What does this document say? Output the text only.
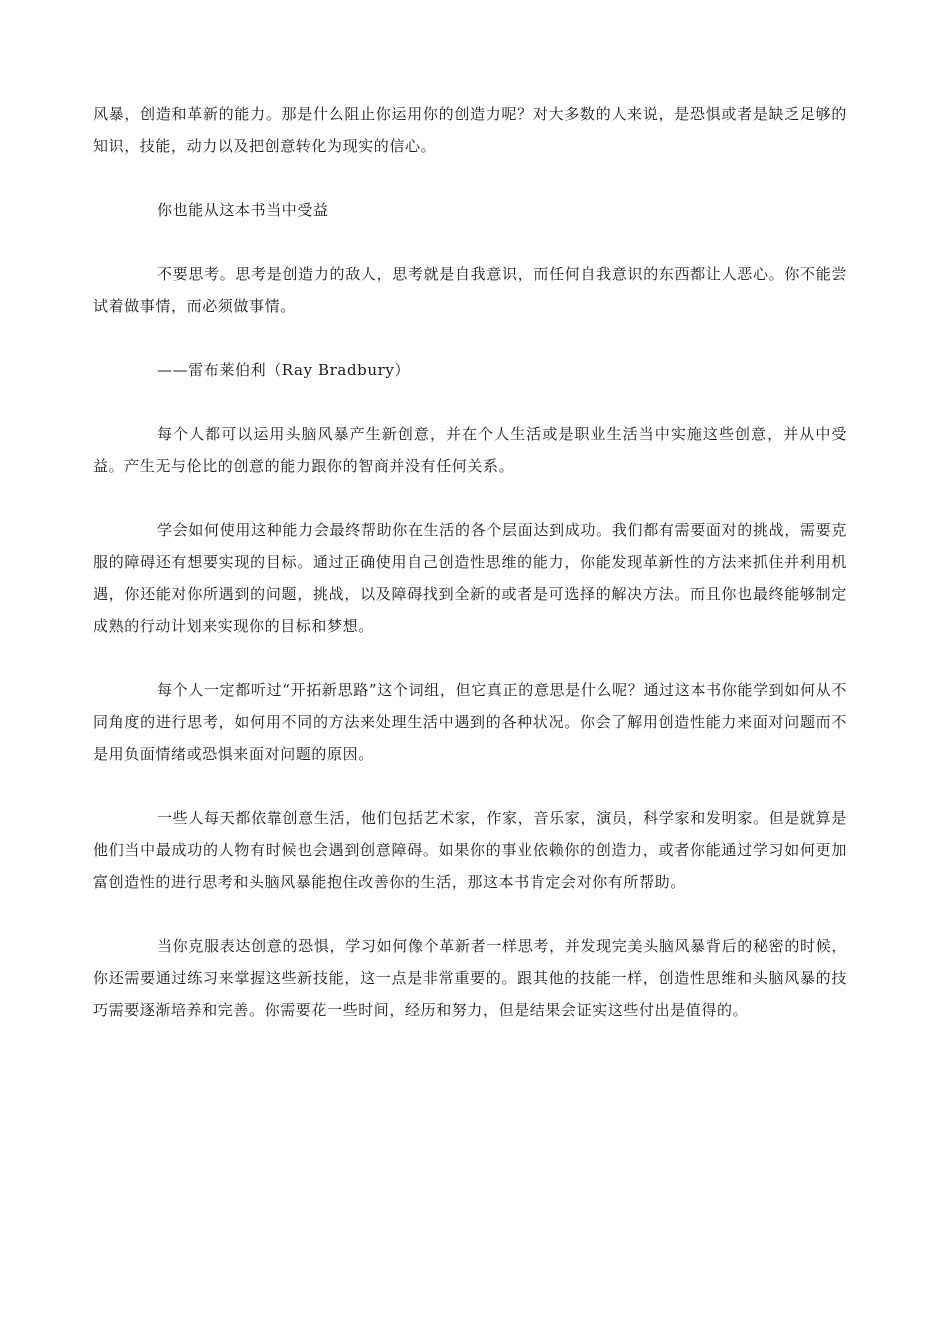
风暴，创造和革新的能力。那是什么阻止你运用你的创造力呢？对大多数的人来说，是恐惧或者是缺乏足够的知识，技能，动力以及把创意转化为现实的信心。

你也能从这本书当中受益

不要思考。思考是创造力的敌人，思考就是自我意识，而任何自我意识的东西都让人恶心。你不能尝试着做事情，而必须做事情。

——雷布莱伯利（Ray Bradbury）

每个人都可以运用头脑风暴产生新创意，并在个人生活或是职业生活当中实施这些创意，并从中受益。产生无与伦比的创意的能力跟你的智商并没有任何关系。

学会如何使用这种能力会最终帮助你在生活的各个层面达到成功。我们都有需要面对的挑战，需要克服的障碍还有想要实现的目标。通过正确使用自己创造性思维的能力，你能发现革新性的方法来抓住并利用机遇，你还能对你所遇到的问题，挑战，以及障碍找到全新的或者是可选择的解决方法。而且你也最终能够制定成熟的行动计划来实现你的目标和梦想。

每个人一定都听过“开拓新思路”这个词组，但它真正的意思是什么呢？通过这本书你能学到如何从不同角度的进行思考，如何用不同的方法来处理生活中遇到的各种状况。你会了解用创造性能力来面对问题而不是用负面情绪或恐惧来面对问题的原因。

一些人每天都依靠创意生活，他们包括艺术家，作家，音乐家，演员，科学家和发明家。但是就算是他们当中最成功的人物有时候也会遇到创意障碍。如果你的事业依赖你的创造力，或者你能通过学习如何更加富创造性的进行思考和头脑风暴能抱住改善你的生活，那这本书肯定会对你有所帮助。

当你克服表达创意的恐惧，学习如何像个革新者一样思考，并发现完美头脑风暴背后的秘密的时候，你还需要通过练习来掌握这些新技能，这一点是非常重要的。跟其他的技能一样，创造性思维和头脑风暴的技巧需要逐渐培养和完善。你需要花一些时间，经历和努力，但是结果会证实这些付出是值得的。
